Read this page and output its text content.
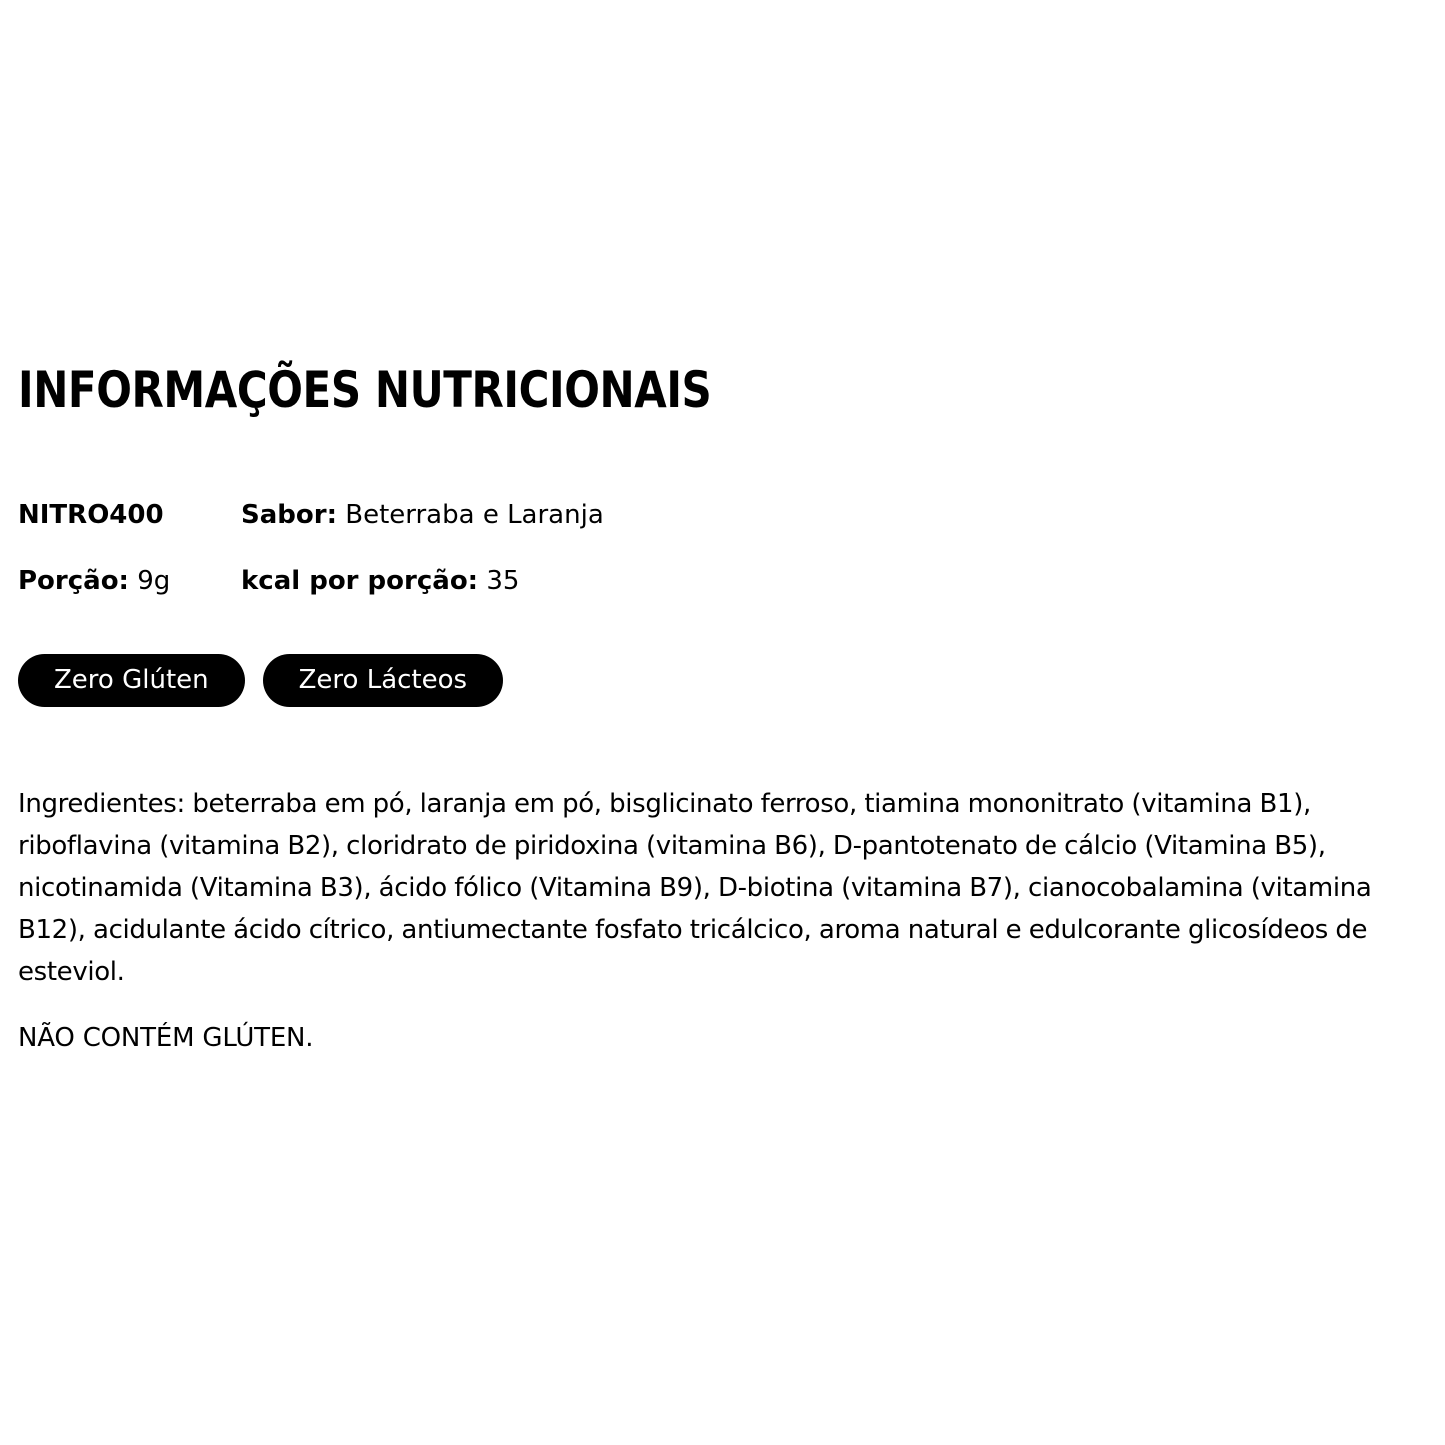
INFORMAÇÕES NUTRICIONAIS
NITRO400	Sabor: Beterraba e Laranja
Porção: 9g	kcal por porção: 35
Zero Glúten	Zero Lácteos

Ingredientes: beterraba em pó, laranja em pó, bisglicinato ferroso, tiamina mononitrato (vitamina B1), riboflavina (vitamina B2), cloridrato de piridoxina (vitamina B6), D-pantotenato de cálcio (Vitamina B5), nicotinamida (Vitamina B3), ácido fólico (Vitamina B9), D-biotina (vitamina B7), cianocobalamina (vitamina B12), acidulante ácido cítrico, antiumectante fosfato tricálcico, aroma natural e edulcorante glicosídeos de esteviol.

NÃO CONTÉM GLÚTEN.
